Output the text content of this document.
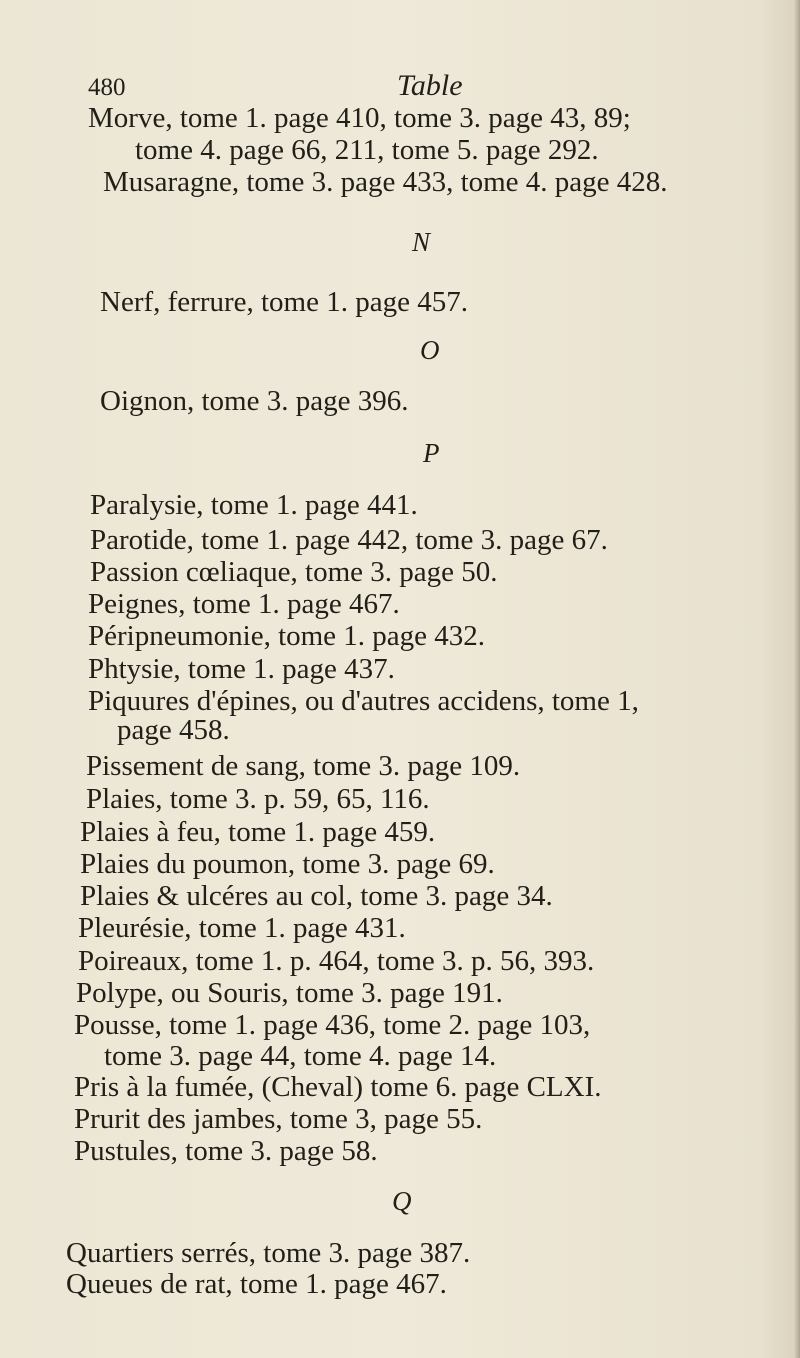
480	Table
Morve, tome 1. page 410, tome 3. page 43, 89;
tome 4. page 66, 211, tome 5. page 292.
Musaragne, tome 3. page 433, tome 4. page 428.
N
Nerf, ferrure, tome 1. page 457.
O
Oignon, tome 3. page 396.
P
Paralysie, tome 1. page 441.
Parotide, tome 1. page 442, tome 3. page 67.
Passion cœliaque, tome 3. page 50.
Peignes, tome 1. page 467.
Péripneumonie, tome 1. page 432.
Phtysie, tome 1. page 437.
Piquures d'épines, ou d'autres accidens, tome 1,
page 458.
Pissement de sang, tome 3. page 109.
Plaies, tome 3. p. 59, 65, 116.
Plaies à feu, tome 1. page 459.
Plaies du poumon, tome 3. page 69.
Plaies & ulcéres au col, tome 3. page 34.
Pleurésie, tome 1. page 431.
Poireaux, tome 1. p. 464, tome 3. p. 56, 393.
Polype, ou Souris, tome 3. page 191.
Pousse, tome 1. page 436, tome 2. page 103,
tome 3. page 44, tome 4. page 14.
Pris à la fumée, (Cheval) tome 6. page CLXI.
Prurit des jambes, tome 3, page 55.
Pustules, tome 3. page 58.
Q
Quartiers serrés, tome 3. page 387.
Queues de rat, tome 1. page 467.
